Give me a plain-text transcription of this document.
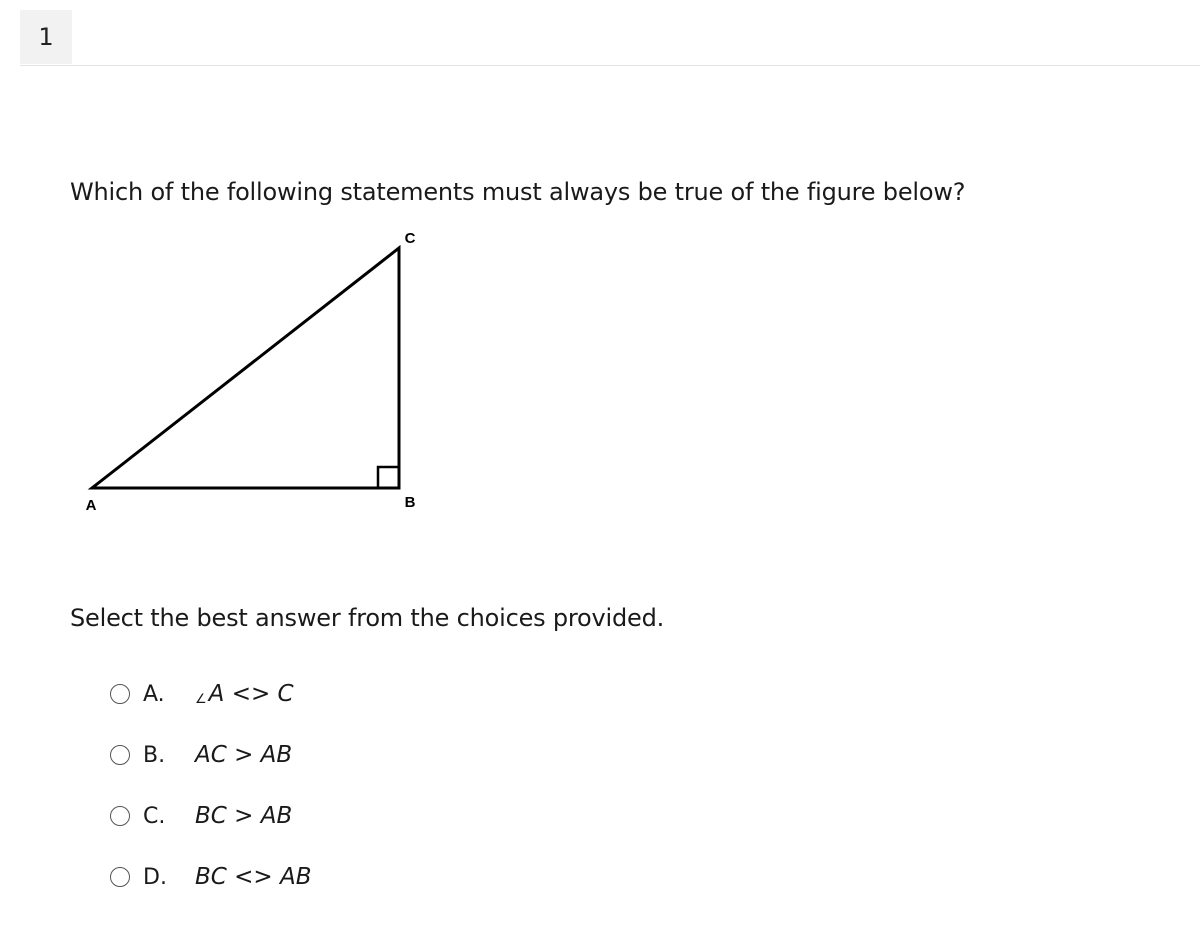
1
Which of the following statements must always be true of the figure below?
A	B
C
Select the best answer from the choices provided.
A.	∠A <> C
B.	AC > AB
C.	BC > AB
D.	BC <> AB
